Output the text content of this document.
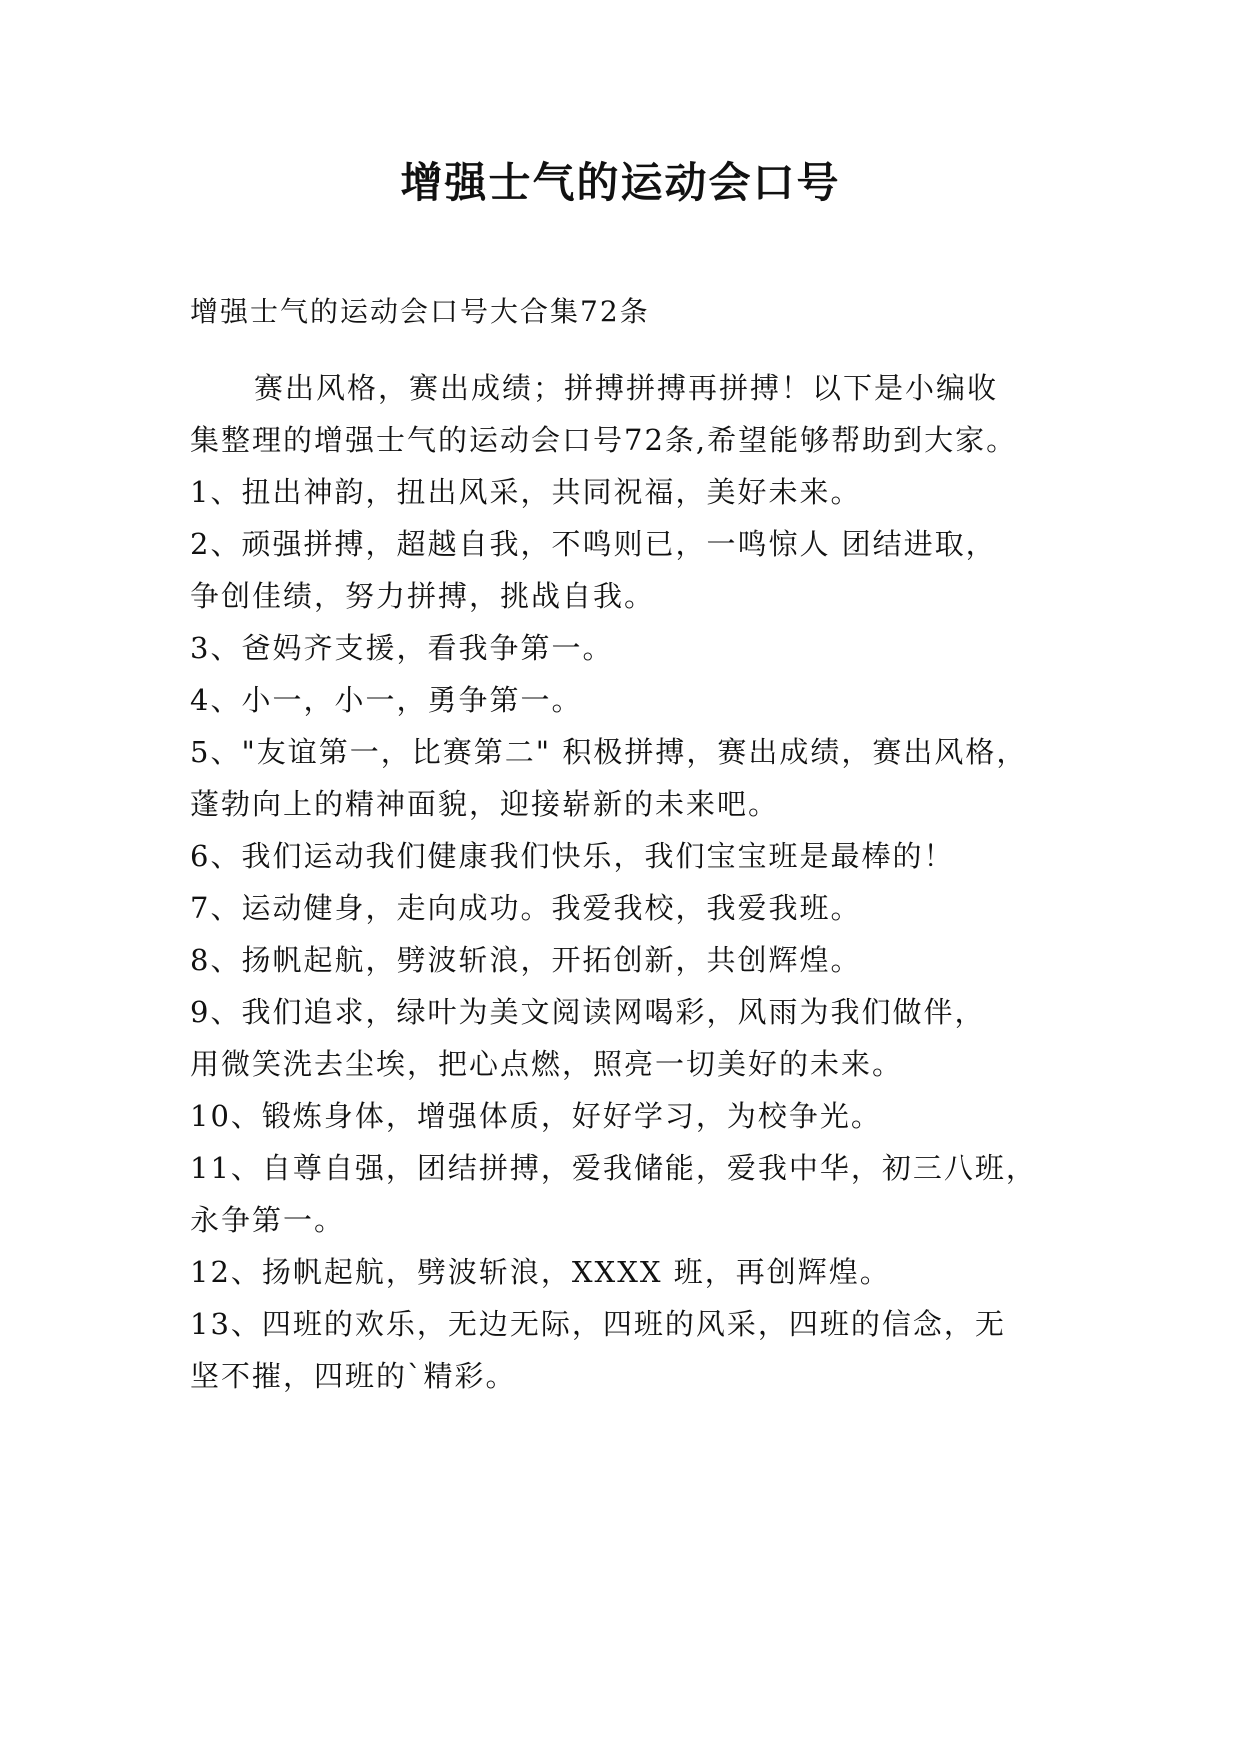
增强士气的运动会口号
增强士气的运动会口号大合集72条
赛出风格，赛出成绩；拼搏拼搏再拼搏！以下是小编收
集整理的增强士气的运动会口号72条,希望能够帮助到大家。
1、扭出神韵，扭出风采，共同祝福，美好未来。
2、顽强拼搏，超越自我，不鸣则已，一鸣惊人 团结进取，
争创佳绩，努力拼搏，挑战自我。
3、爸妈齐支援，看我争第一。
4、小一，小一，勇争第一。
5、"友谊第一，比赛第二" 积极拼搏，赛出成绩，赛出风格，
蓬勃向上的精神面貌，迎接崭新的未来吧。
6、我们运动我们健康我们快乐，我们宝宝班是最棒的！
7、运动健身，走向成功。我爱我校，我爱我班。
8、扬帆起航，劈波斩浪，开拓创新，共创辉煌。
9、我们追求，绿叶为美文阅读网喝彩，风雨为我们做伴，
用微笑洗去尘埃，把心点燃，照亮一切美好的未来。
10、锻炼身体，增强体质，好好学习，为校争光。
11、自尊自强，团结拼搏，爱我储能，爱我中华，初三八班，
永争第一。
12、扬帆起航，劈波斩浪，XXXX 班，再创辉煌。
13、四班的欢乐，无边无际，四班的风采，四班的信念，无
坚不摧，四班的`精彩。
